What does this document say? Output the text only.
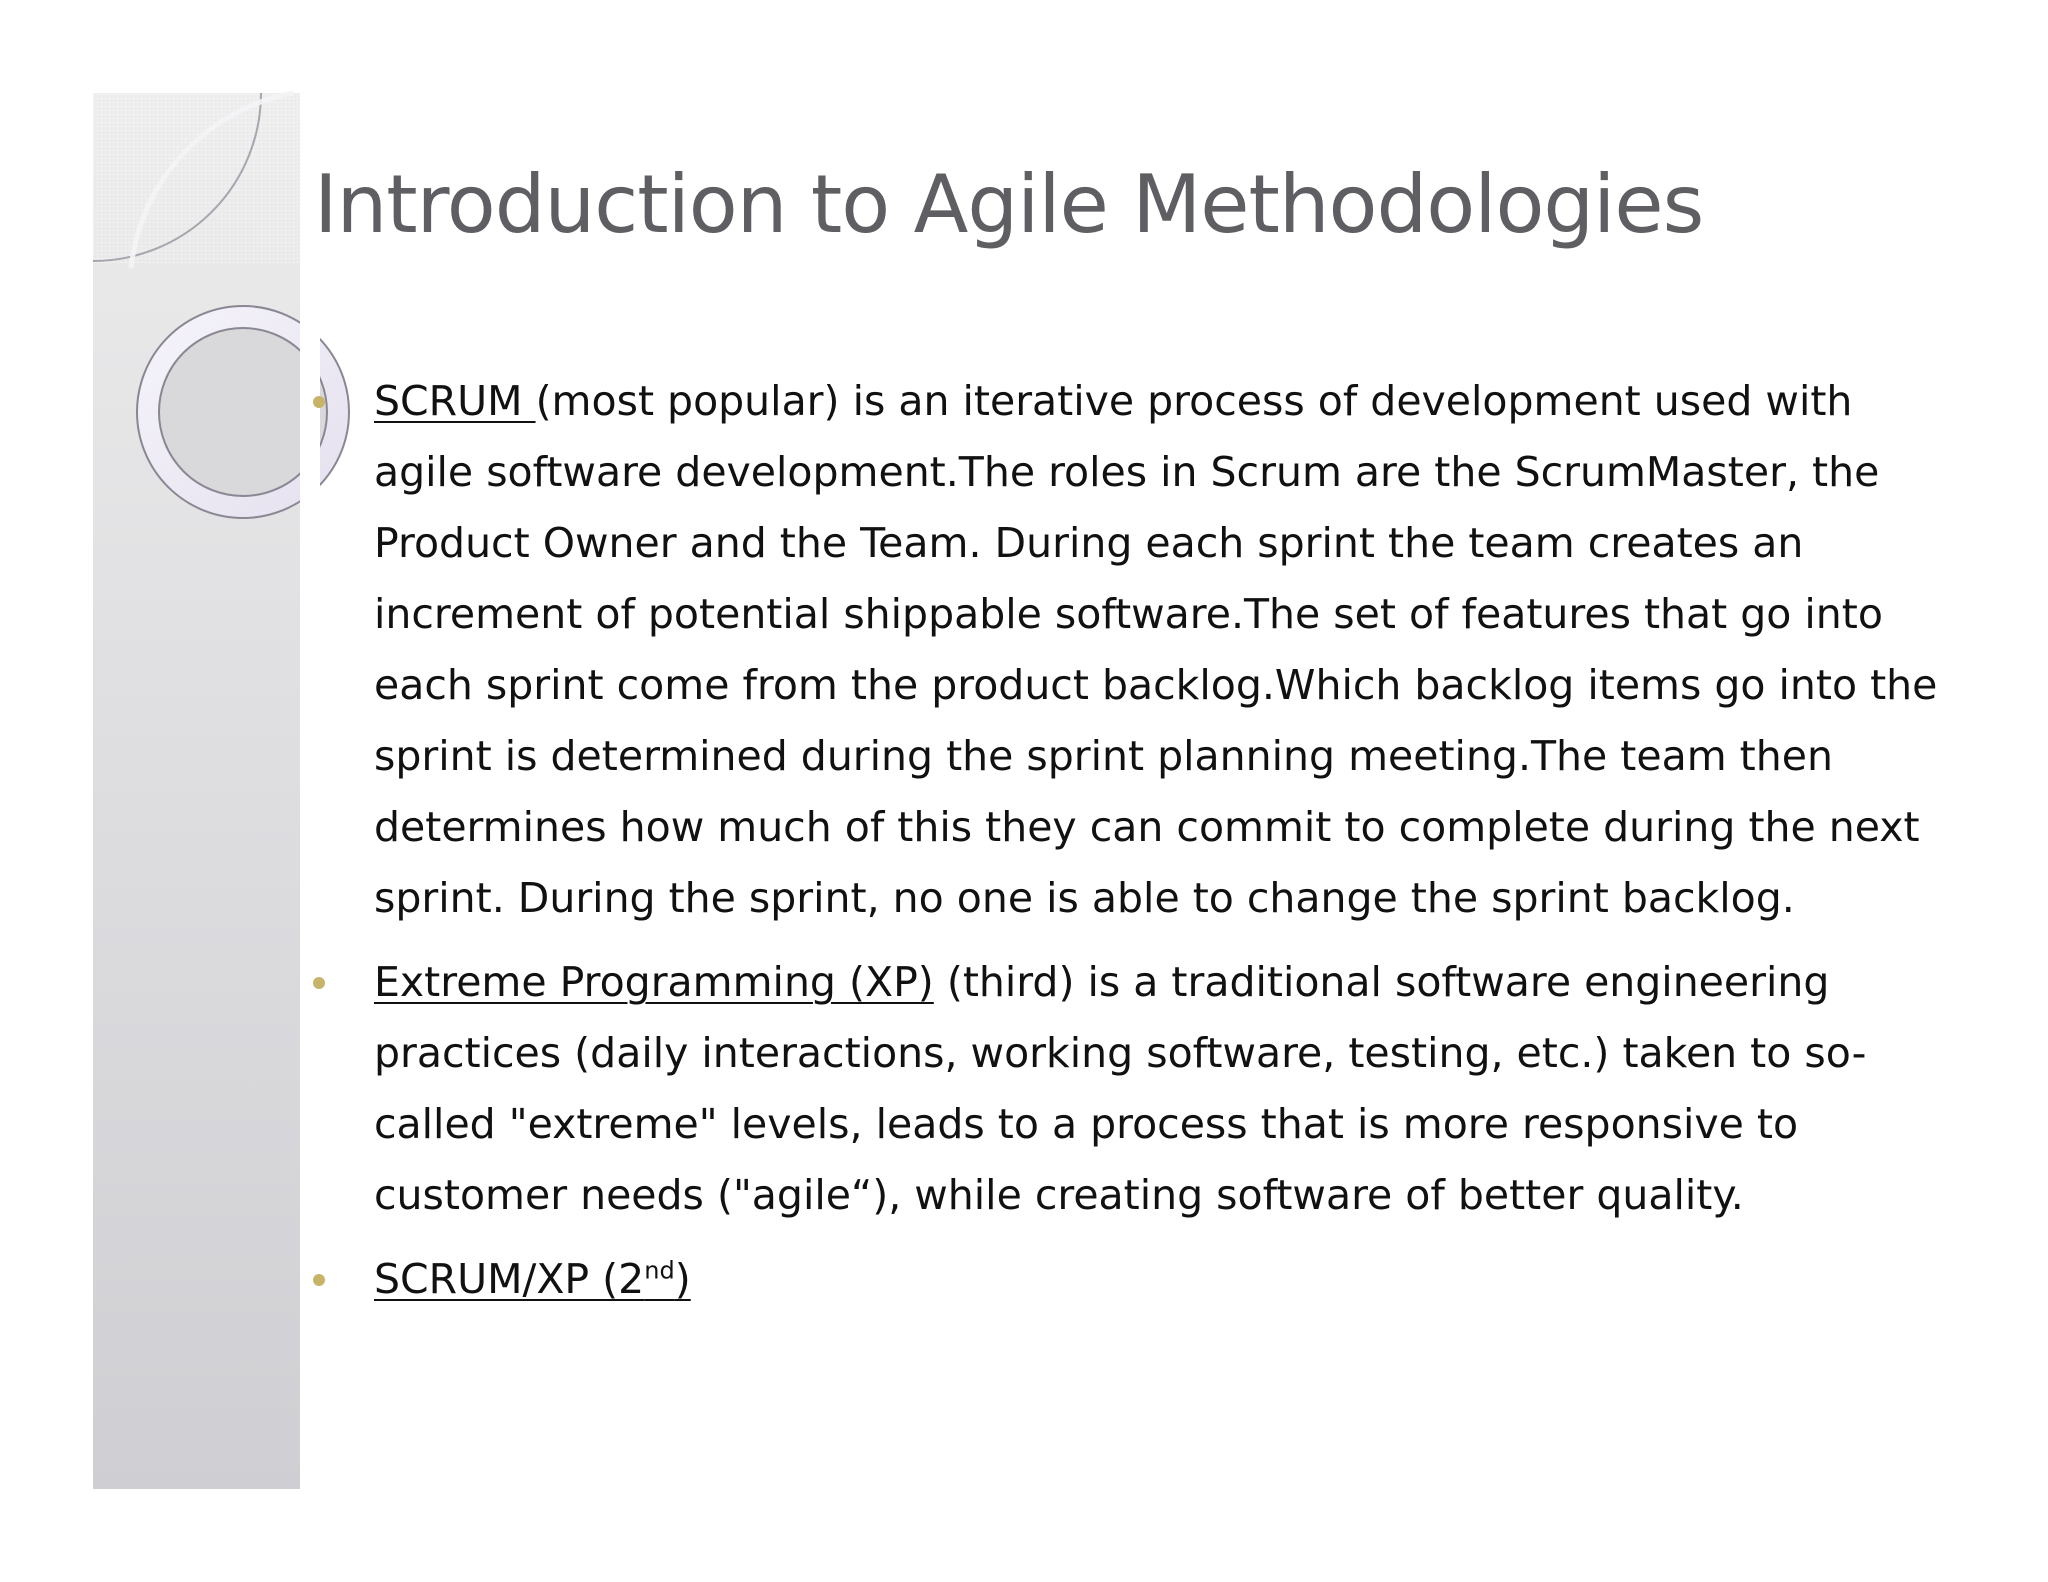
Introduction to Agile Methodologies
SCRUM (most popular) is an iterative process of development used with agile software development.The roles in Scrum are the ScrumMaster, the Product Owner and the Team. During each sprint the team creates an increment of potential shippable software.The set of features that go into each sprint come from the product backlog.Which backlog items go into the sprint is determined during the sprint planning meeting.The team then determines how much of this they can commit to complete during the next sprint. During the sprint, no one is able to change the sprint backlog.
Extreme Programming (XP) (third) is a traditional software engineering practices (daily interactions, working software, testing, etc.) taken to so-called "extreme" levels, leads to a process that is more responsive to customer needs ("agile“), while creating software of better quality.
SCRUM/XP (2nd)
